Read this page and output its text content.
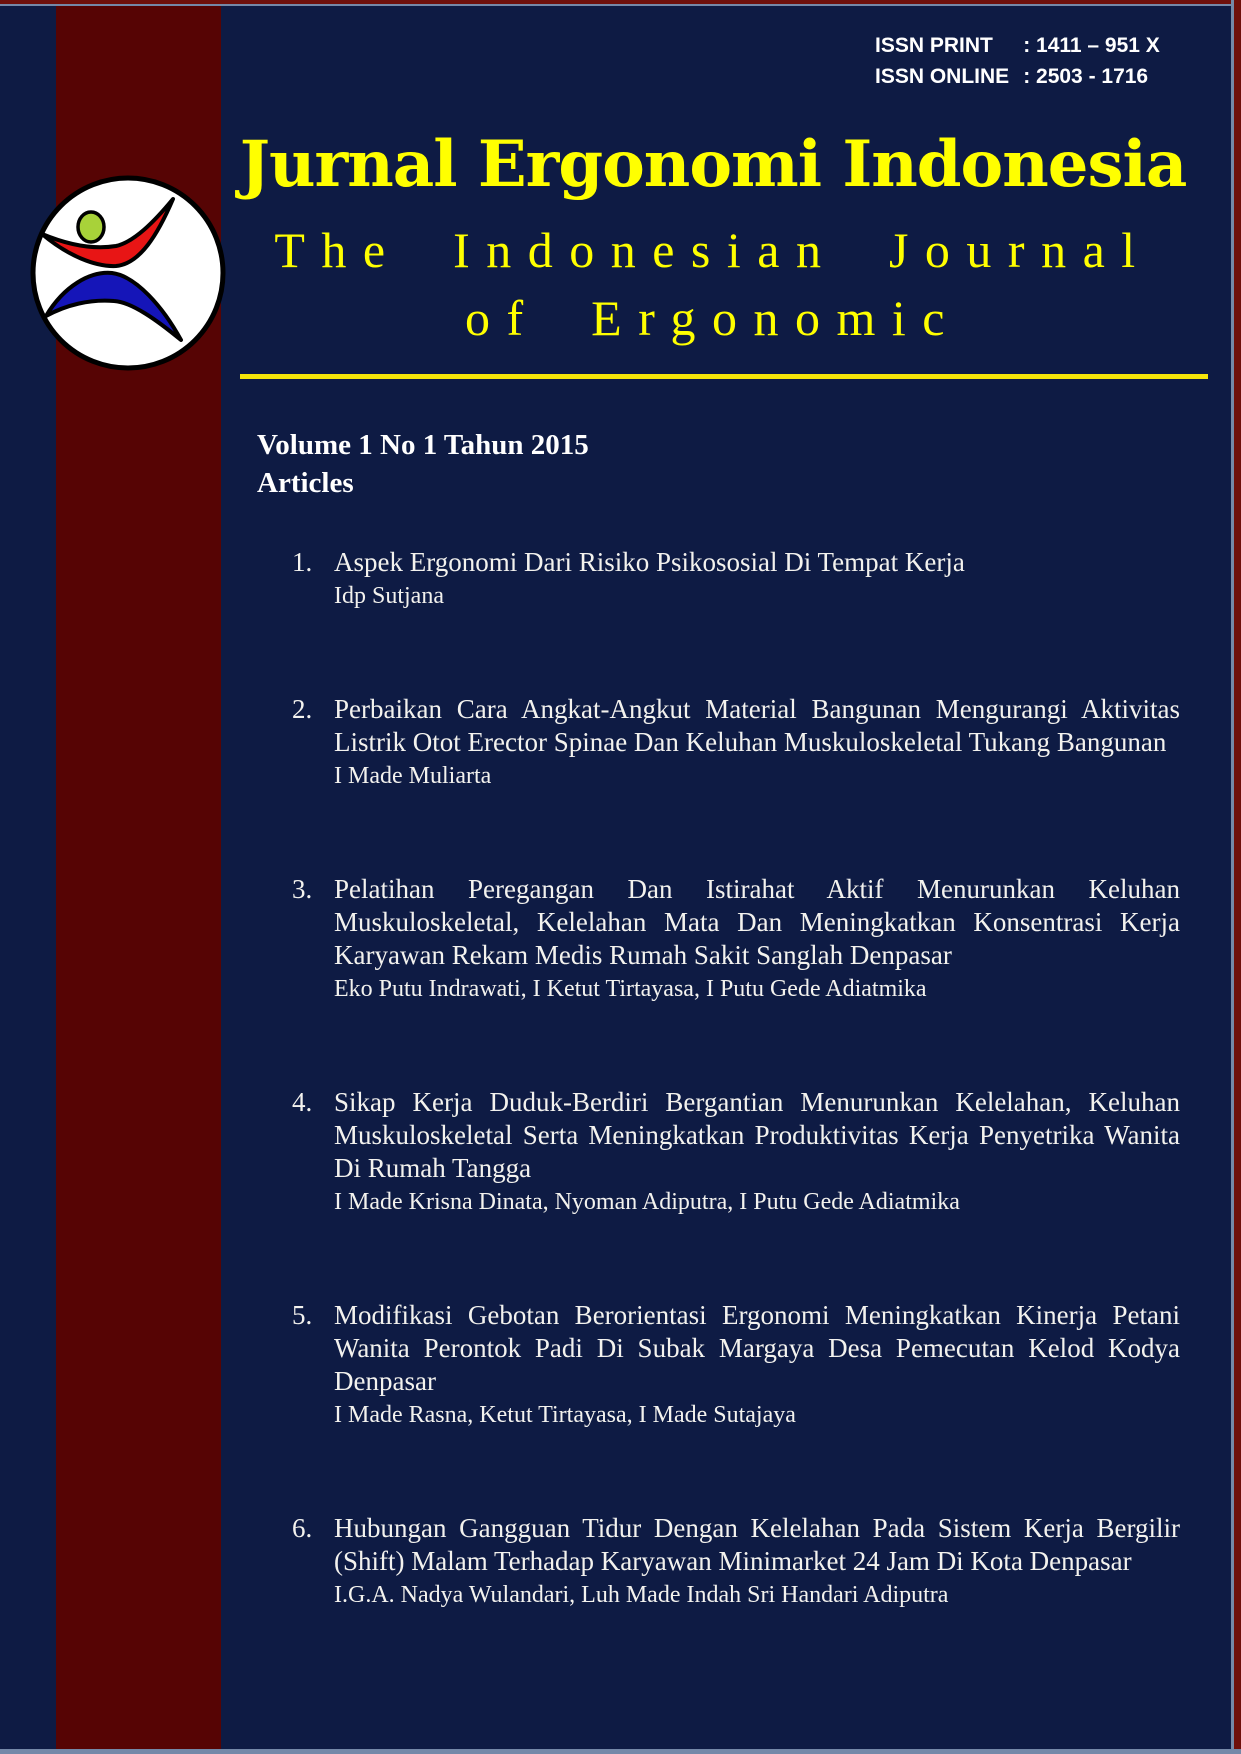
ISSN PRINT	: 1411 – 951 X
ISSN ONLINE : 2503 - 1716
Jurnal Ergonomi Indonesia
The Indonesian Journal
of Ergonomic

Volume 1 No 1 Tahun 2015

Articles

1. Aspek Ergonomi Dari Risiko Psikososial Di Tempat Kerja

Idp Sutjana

2. Perbaikan Cara Angkat-Angkut Material Bangunan Mengurangi Aktivitas Listrik Otot Erector Spinae Dan Keluhan Muskuloskeletal Tukang Bangunan

I Made Muliarta

3. Pelatihan Peregangan Dan Istirahat Aktif Menurunkan Keluhan Muskuloskeletal, Kelelahan Mata Dan Meningkatkan Konsentrasi Kerja Karyawan Rekam Medis Rumah Sakit Sanglah Denpasar

Eko Putu Indrawati, I Ketut Tirtayasa, I Putu Gede Adiatmika

4. Sikap Kerja Duduk-Berdiri Bergantian Menurunkan Kelelahan, Keluhan Muskuloskeletal Serta Meningkatkan Produktivitas Kerja Penyetrika Wanita Di Rumah Tangga

I Made Krisna Dinata, Nyoman Adiputra, I Putu Gede Adiatmika

5. Modifikasi Gebotan Berorientasi Ergonomi Meningkatkan Kinerja Petani Wanita Perontok Padi Di Subak Margaya Desa Pemecutan Kelod Kodya Denpasar

I Made Rasna, Ketut Tirtayasa, I Made Sutajaya

6. Hubungan Gangguan Tidur Dengan Kelelahan Pada Sistem Kerja Bergilir (Shift) Malam Terhadap Karyawan Minimarket 24 Jam Di Kota Denpasar

I.G.A. Nadya Wulandari, Luh Made Indah Sri Handari Adiputra
